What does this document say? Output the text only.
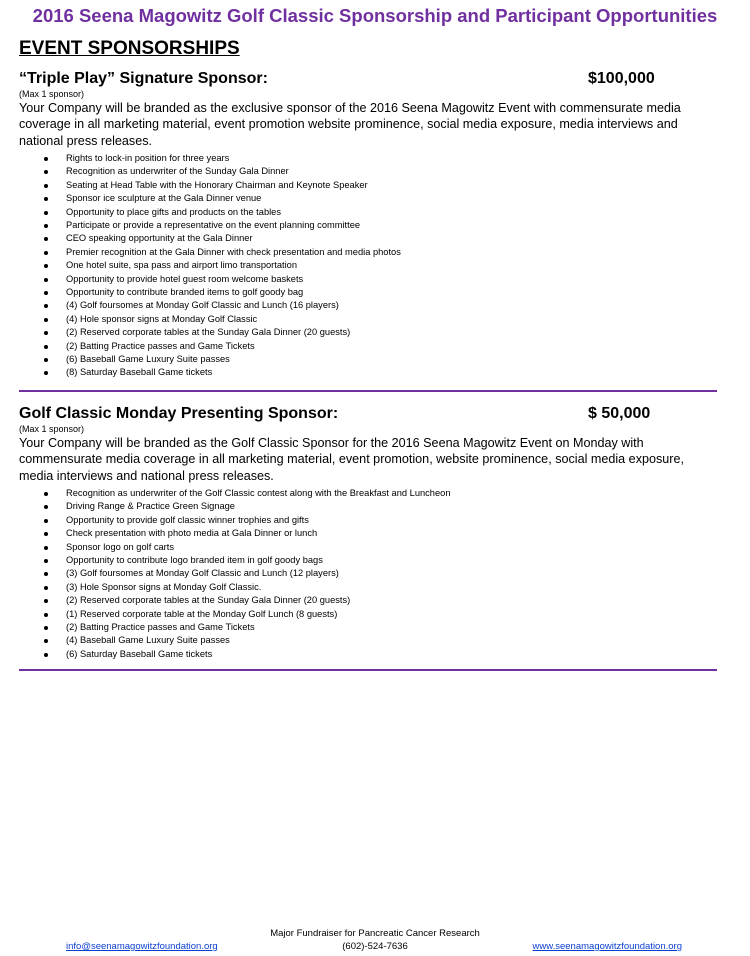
2016 Seena Magowitz Golf Classic Sponsorship and Participant Opportunities
EVENT SPONSORSHIPS

“Triple Play” Signature Sponsor:	$100,000

(Max 1 sponsor)

Your Company will be branded as the exclusive sponsor of the 2016 Seena Magowitz Event with commensurate media coverage in all marketing material, event promotion website prominence, social media exposure, media interviews and national press releases.

Rights to lock-in position for three years
Recognition as underwriter of the Sunday Gala Dinner
Seating at Head Table with the Honorary Chairman and Keynote Speaker
Sponsor ice sculpture at the Gala Dinner venue
Opportunity to place gifts and products on the tables
Participate or provide a representative on the event planning committee
CEO speaking opportunity at the Gala Dinner
Premier recognition at the Gala Dinner with check presentation and media photos
One hotel suite, spa pass and airport limo transportation
Opportunity to provide hotel guest room welcome baskets
Opportunity to contribute branded items to golf goody bag
(4) Golf foursomes at Monday Golf Classic and Lunch (16 players)
(4) Hole sponsor signs at Monday Golf Classic
(2) Reserved corporate tables at the Sunday Gala Dinner (20 guests)
(2) Batting Practice passes and Game Tickets
(6) Baseball Game Luxury Suite passes
(8) Saturday Baseball Game tickets

Golf Classic Monday Presenting Sponsor:	$ 50,000

(Max 1 sponsor)

Your Company will be branded as the Golf Classic Sponsor for the 2016 Seena Magowitz Event on Monday with commensurate media coverage in all marketing material, event promotion, website prominence, social media exposure, media interviews and national press releases.

Recognition as underwriter of the Golf Classic contest along with the Breakfast and Luncheon
Driving Range & Practice Green Signage
Opportunity to provide golf classic winner trophies and gifts
Check presentation with photo media at Gala Dinner or lunch
Sponsor logo on golf carts
Opportunity to contribute logo branded item in golf goody bags
(3) Golf foursomes at Monday Golf Classic and Lunch (12 players)
(3) Hole Sponsor signs at Monday Golf Classic.
(2) Reserved corporate tables at the Sunday Gala Dinner (20 guests)
(1) Reserved corporate table at the Monday Golf Lunch (8 guests)
(2) Batting Practice passes and Game Tickets
(4) Baseball Game Luxury Suite passes
(6) Saturday Baseball Game tickets

Major Fundraiser for Pancreatic Cancer Research

(602)-524-7636
info@seenamagowitzfoundation.org	www.seenamagowitzfoundation.org
